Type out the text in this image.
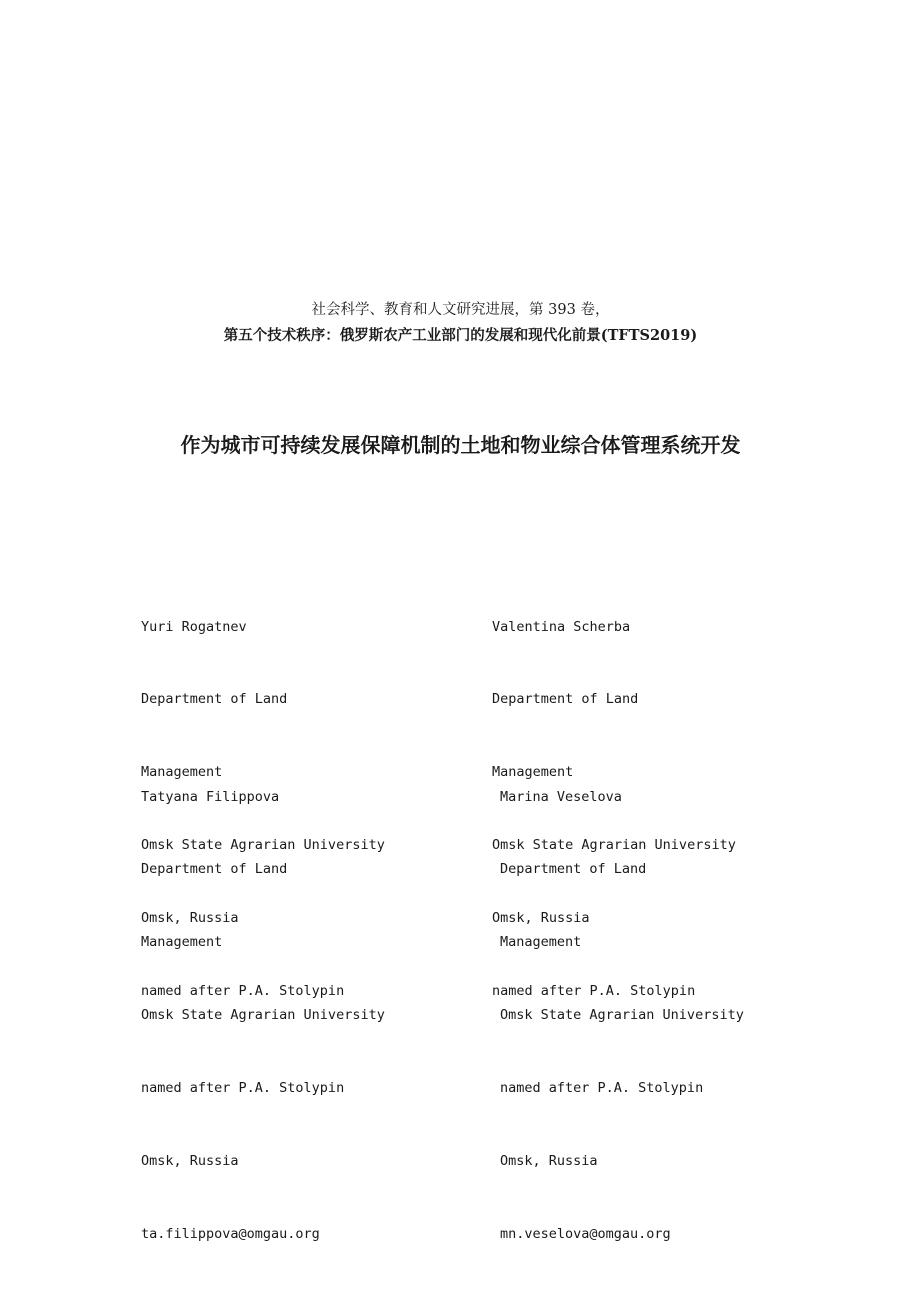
社会科学、教育和人文研究进展，第 393 卷，
第五个技术秩序：俄罗斯农产工业部门的发展和现代化前景(TFTS2019)
作为城市可持续发展保障机制的土地和物业综合体管理系统开发

Yuri Rogatnev

Department of Land

Management

Omsk State Agrarian University

Omsk, Russia

named after P.A. Stolypin

Valentina Scherba

Department of Land

Management

Omsk State Agrarian University

Omsk, Russia

named after P.A. Stolypin

Tatyana Filippova

Department of Land

Management

Omsk State Agrarian University

named after P.A. Stolypin

Omsk, Russia

ta.filippova@omgau.org

Marina Veselova

Department of Land

Management

Omsk State Agrarian University

named after P.A. Stolypin

Omsk, Russia

mn.veselova@omgau.org
